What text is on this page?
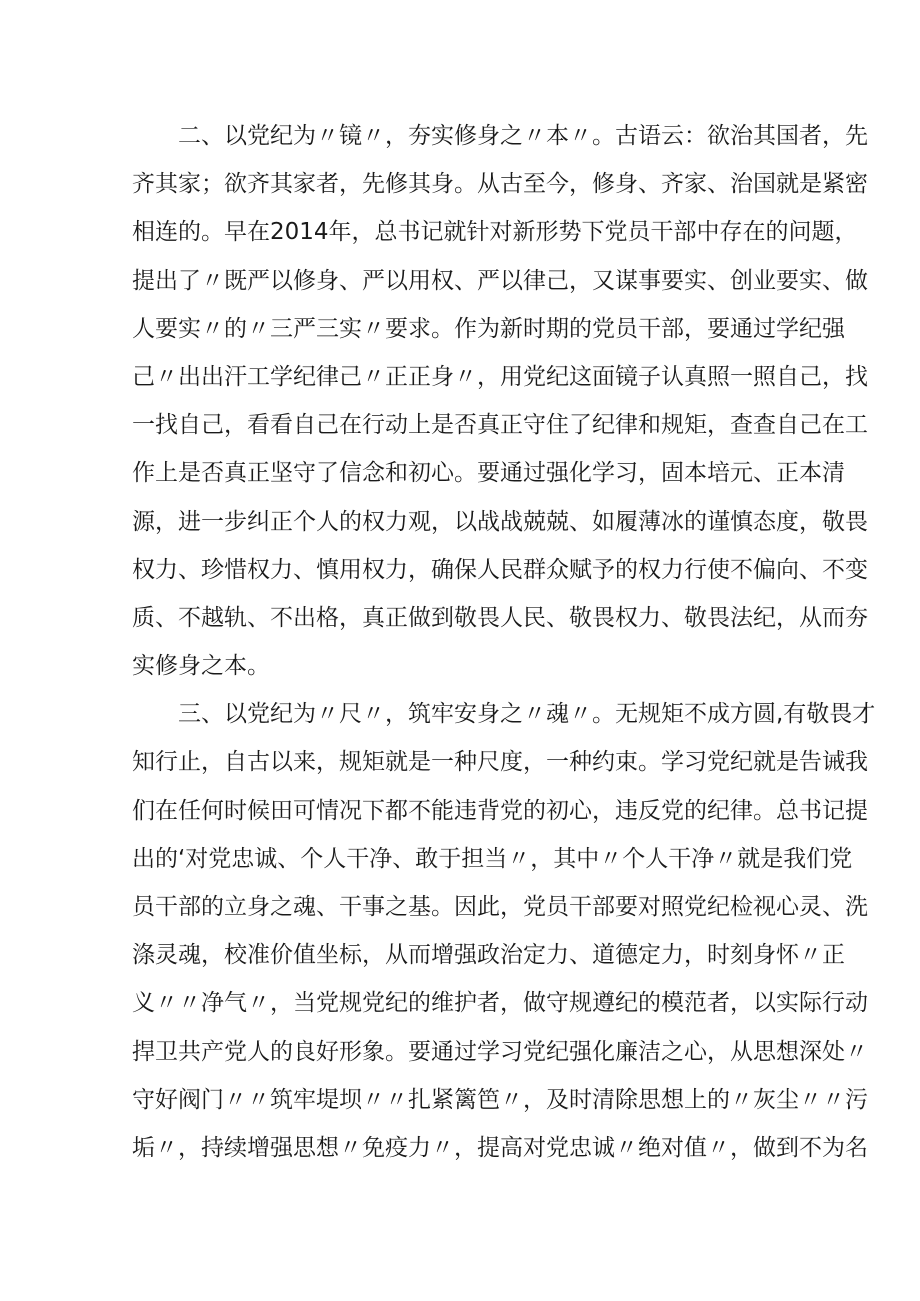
　　二、以党纪为〃镜〃，夯实修身之〃本〃。古语云：欲治其国者，先
齐其家；欲齐其家者，先修其身。从古至今，修身、齐家、治国就是紧密
相连的。早在2014年，总书记就针对新形势下党员干部中存在的问题，
提出了〃既严以修身、严以用权、严以律己，又谋事要实、创业要实、做
人要实〃的〃三严三实〃要求。作为新时期的党员干部，要通过学纪强
己〃出出汗工学纪律己〃正正身〃，用党纪这面镜子认真照一照自己，找
一找自己，看看自己在行动上是否真正守住了纪律和规矩，查查自己在工
作上是否真正坚守了信念和初心。要通过强化学习，固本培元、正本清
源，进一步纠正个人的权力观，以战战兢兢、如履薄冰的谨慎态度，敬畏
权力、珍惜权力、慎用权力，确保人民群众赋予的权力行使不偏向、不变
质、不越轨、不出格，真正做到敬畏人民、敬畏权力、敬畏法纪，从而夯
实修身之本。
　　三、以党纪为〃尺〃，筑牢安身之〃魂〃。无规矩不成方圆,有敬畏才
知行止，自古以来，规矩就是一种尺度，一种约束。学习党纪就是告诫我
们在任何时候田可情况下都不能违背党的初心，违反党的纪律。总书记提
出的‘对党忠诚、个人干净、敢于担当〃，其中〃个人干净〃就是我们党
员干部的立身之魂、干事之基。因此，党员干部要对照党纪检视心灵、洗
涤灵魂，校准价值坐标，从而增强政治定力、道德定力，时刻身怀〃正
义〃〃净气〃，当党规党纪的维护者，做守规遵纪的模范者，以实际行动
捍卫共产党人的良好形象。要通过学习党纪强化廉洁之心，从思想深处〃
守好阀门〃〃筑牢堤坝〃〃扎紧篱笆〃，及时清除思想上的〃灰尘〃〃污
垢〃，持续增强思想〃免疫力〃，提高对党忠诚〃绝对值〃，做到不为名
